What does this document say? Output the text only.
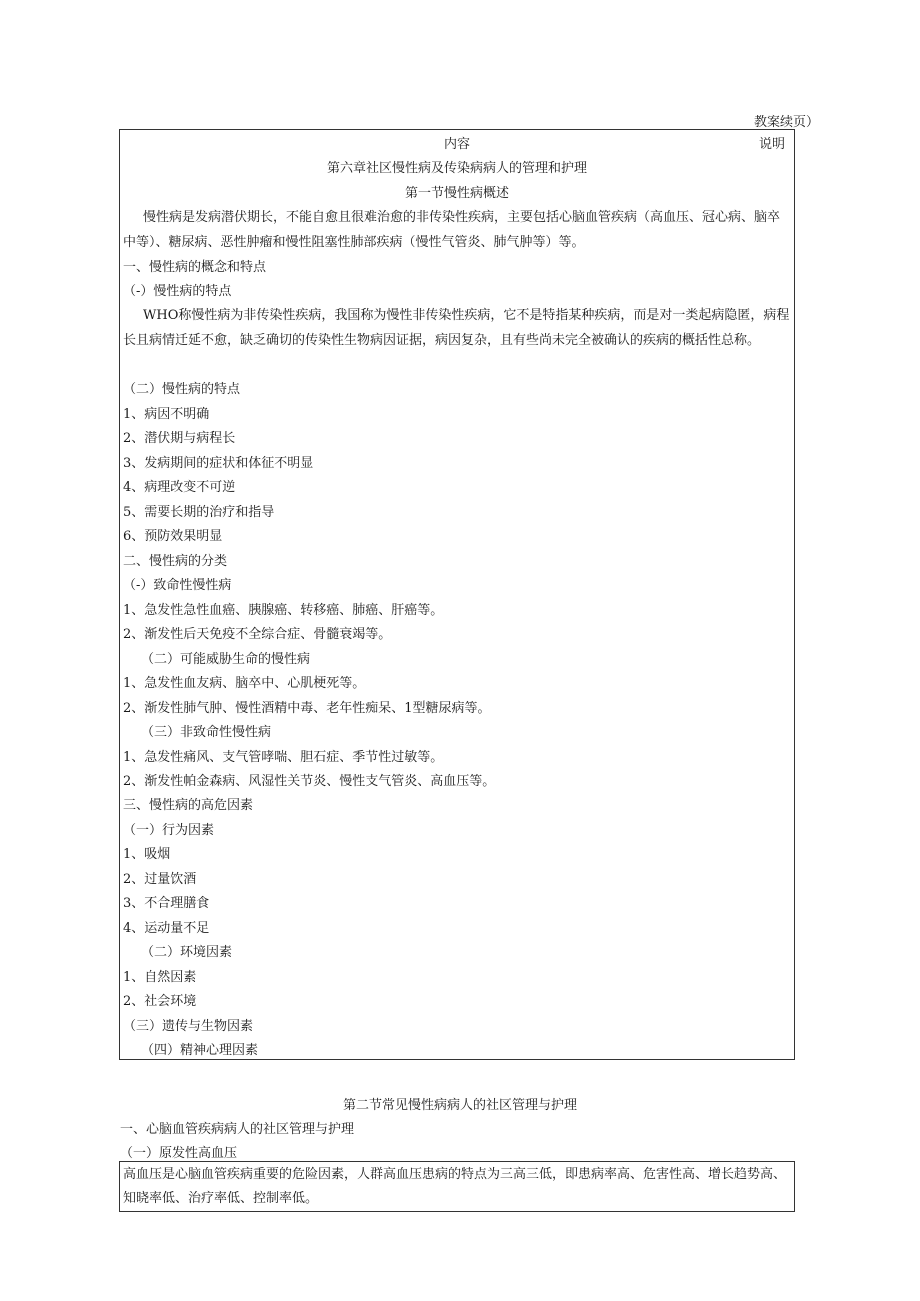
教案续页）
内容	说明
第六章社区慢性病及传染病病人的管理和护理
第一节慢性病概述
慢性病是发病潜伏期长，不能自愈且很难治愈的非传染性疾病，主要包括心脑血管疾病（高血压、冠心病、脑卒中等）、糖尿病、恶性肿瘤和慢性阻塞性肺部疾病（慢性气管炎、肺气肿等）等。
一、慢性病的概念和特点
（-）慢性病的特点
WHO称慢性病为非传染性疾病，我国称为慢性非传染性疾病，它不是特指某种疾病，而是对一类起病隐匿，病程长且病情迁延不愈，缺乏确切的传染性生物病因证据，病因复杂，且有些尚未完全被确认的疾病的概括性总称。
（二）慢性病的特点
1、病因不明确
2、潜伏期与病程长
3、发病期间的症状和体征不明显
4、病理改变不可逆
5、需要长期的治疗和指导
6、预防效果明显
二、慢性病的分类
（-）致命性慢性病
1、急发性急性血癌、胰腺癌、转移癌、肺癌、肝癌等。
2、渐发性后天免疫不全综合症、骨髓衰竭等。
（二）可能威胁生命的慢性病
1、急发性血友病、脑卒中、心肌梗死等。
2、渐发性肺气肿、慢性酒精中毒、老年性痴呆、1型糖尿病等。
（三）非致命性慢性病
1、急发性痛风、支气管哮喘、胆石症、季节性过敏等。
2、渐发性帕金森病、风湿性关节炎、慢性支气管炎、高血压等。
三、慢性病的高危因素
（一）行为因素
1、吸烟
2、过量饮酒
3、不合理膳食
4、运动量不足
（二）环境因素
1、自然因素
2、社会环境
（三）遗传与生物因素
（四）精神心理因素
第二节常见慢性病病人的社区管理与护理
一、心脑血管疾病病人的社区管理与护理
（一）原发性高血压
高血压是心脑血管疾病重要的危险因素，人群高血压患病的特点为三高三低，即患病率高、危害性高、增长趋势高、知晓率低、治疗率低、控制率低。
